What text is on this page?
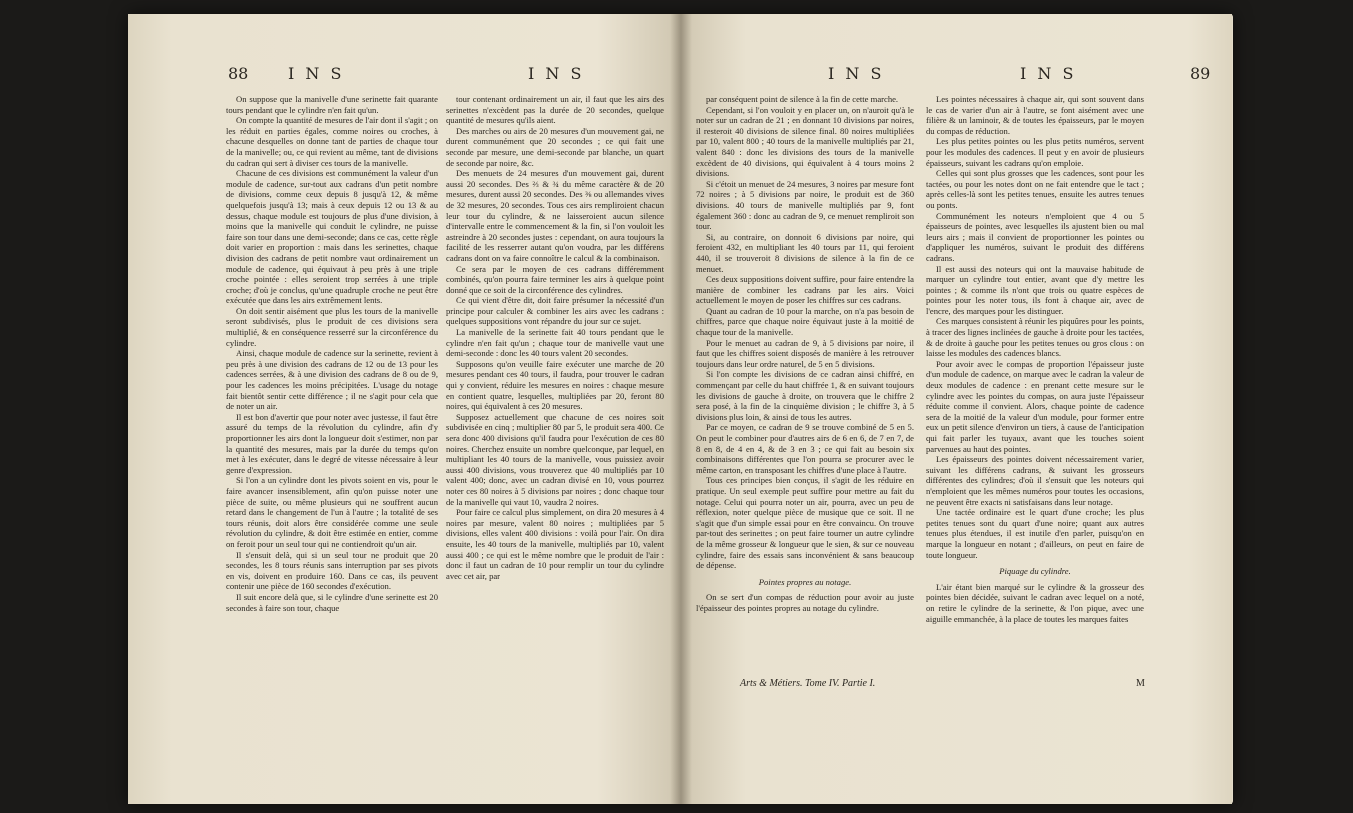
88 I N S	I N S

On suppose que la manivelle d'une serinette fait quarante tours pendant que le cylindre n'en fait qu'un.

On compte la quantité de mesures de l'air dont il s'agit ; on les réduit en parties égales, comme noires ou croches, à chacune desquelles on donne tant de parties de chaque tour de la manivelle; ou, ce qui revient au même, tant de divisions du cadran qui sert à diviser ces tours de la manivelle.

Chacune de ces divisions est communément la valeur d'un module de cadence, sur-tout aux cadrans d'un petit nombre de divisions, comme ceux depuis 8 jusqu'à 12, & même quelquefois jusqu'à 13; mais à ceux depuis 12 ou 13 & au dessus, chaque module est toujours de plus d'une division, à moins que la manivelle qui conduit le cylindre, ne puisse faire son tour dans une demi-seconde; dans ce cas, cette règle doit varier en proportion : mais dans les serinettes, chaque division des cadrans de petit nombre vaut ordinairement un module de cadence, qui équivaut à peu près à une triple croche pointée : elles seroient trop serrées à une triple croche; d'où je conclus, qu'une quadruple croche ne peut être exécutée que dans les airs extrêmement lents.

On doit sentir aisément que plus les tours de la manivelle seront subdivisés, plus le produit de ces divisions sera multiplié, & en conséquence resserré sur la circonférence du cylindre.

Ainsi, chaque module de cadence sur la serinette, revient à peu près à une division des cadrans de 12 ou de 13 pour les cadences serrées, & à une division des cadrans de 8 ou de 9, pour les cadences les moins précipitées. L'usage du notage fait bientôt sentir cette différence ; il ne s'agit pour cela que de noter un air.

Il est bon d'avertir que pour noter avec justesse, il faut être assuré du temps de la révolution du cylindre, afin d'y proportionner les airs dont la longueur doit s'estimer, non par la quantité des mesures, mais par la durée du temps qu'on met à les exécuter, dans le degré de vitesse nécessaire à leur genre d'expression.

Si l'on a un cylindre dont les pivots soient en vis, pour le faire avancer insensiblement, afin qu'on puisse noter une pièce de suite, ou même plusieurs qui ne souffrent aucun retard dans le changement de l'un à l'autre ; la totalité de ses tours réunis, doit alors être considérée comme une seule révolution du cylindre, & doit être estimée en entier, comme on feroit pour un seul tour qui ne contiendroit qu'un air.

Il s'ensuit delà, qui si un seul tour ne produit que 20 secondes, les 8 tours réunis sans interruption par ses pivots en vis, doivent en produire 160. Dans ce cas, ils peuvent contenir une pièce de 160 secondes d'exécution.

Il suit encore delà que, si le cylindre d'une serinette est 20 secondes à faire son tour, chaque

tour contenant ordinairement un air, il faut que les airs des serinettes n'excèdent pas la durée de 20 secondes, quelque quantité de mesures qu'ils aient.

Des marches ou airs de 20 mesures d'un mouvement gai, ne durent communément que 20 secondes ; ce qui fait une seconde par mesure, une demi-seconde par blanche, un quart de seconde par noire, &c.

Des menuets de 24 mesures d'un mouvement gai, durent aussi 20 secondes. Des ⅔ & ¾ du même caractère & de 20 mesures, durent aussi 20 secondes. Des ⅜ ou allemandes vives de 32 mesures, 20 secondes. Tous ces airs rempliroient chacun leur tour du cylindre, & ne laisseroient aucun silence d'intervalle entre le commencement & la fin, si l'on vouloit les astreindre à 20 secondes justes : cependant, on aura toujours la facilité de les resserrer autant qu'on voudra, par les différens cadrans dont on va faire connoître le calcul & la combinaison.

Ce sera par le moyen de ces cadrans différemment combinés, qu'on pourra faire terminer les airs à quelque point donné que ce soit de la circonférence des cylindres.

Ce qui vient d'être dit, doit faire présumer la nécessité d'un principe pour calculer & combiner les airs avec les cadrans : quelques suppositions vont répandre du jour sur ce sujet.

La manivelle de la serinette fait 40 tours pendant que le cylindre n'en fait qu'un ; chaque tour de manivelle vaut une demi-seconde : donc les 40 tours valent 20 secondes.

Supposons qu'on veuille faire exécuter une marche de 20 mesures pendant ces 40 tours, il faudra, pour trouver le cadran qui y convient, réduire les mesures en noires : chaque mesure en contient quatre, lesquelles, multipliées par 20, feront 80 noires, qui équivalent à ces 20 mesures.

Supposez actuellement que chacune de ces noires soit subdivisée en cinq ; multiplier 80 par 5, le produit sera 400. Ce sera donc 400 divisions qu'il faudra pour l'exécution de ces 80 noires. Cherchez ensuite un nombre quelconque, par lequel, en multipliant les 40 tours de la manivelle, vous puissiez avoir aussi 400 divisions, vous trouverez que 40 multipliés par 10 valent 400; donc, avec un cadran divisé en 10, vous pourrez noter ces 80 noires à 5 divisions par noires ; donc chaque tour de la manivelle qui vaut 10, vaudra 2 noires.

Pour faire ce calcul plus simplement, on dira 20 mesures à 4 noires par mesure, valent 80 noires ; multipliées par 5 divisions, elles valent 400 divisions : voilà pour l'air. On dira ensuite, les 40 tours de la manivelle, multipliés par 10, valent aussi 400 ; ce qui est le même nombre que le produit de l'air : donc il faut un cadran de 10 pour remplir un tour du cylindre avec cet air, par

I N S	I N S	89

par conséquent point de silence à la fin de cette marche.

Cependant, si l'on vouloit y en placer un, on n'auroit qu'à le noter sur un cadran de 21 ; en donnant 10 divisions par noires, il resteroit 40 divisions de silence final. 80 noires multipliées par 10, valent 800 ; 40 tours de la manivelle multipliés par 21, valent 840 : donc les divisions des tours de la manivelle excèdent de 40 divisions, qui équivalent à 4 tours moins 2 divisions.

Si c'étoit un menuet de 24 mesures, 3 noires par mesure font 72 noires ; à 5 divisions par noire, le produit est de 360 divisions. 40 tours de manivelle multipliés par 9, font également 360 : donc au cadran de 9, ce menuet rempliroit son tour.

Si, au contraire, on donnoit 6 divisions par noire, qui feroient 432, en multipliant les 40 tours par 11, qui feroient 440, il se trouveroit 8 divisions de silence à la fin de ce menuet.

Ces deux suppositions doivent suffire, pour faire entendre la manière de combiner les cadrans par les airs. Voici actuellement le moyen de poser les chiffres sur ces cadrans.

Quant au cadran de 10 pour la marche, on n'a pas besoin de chiffres, parce que chaque noire équivaut juste à la moitié de chaque tour de la manivelle.

Pour le menuet au cadran de 9, à 5 divisions par noire, il faut que les chiffres soient disposés de manière à les retrouver toujours dans leur ordre naturel, de 5 en 5 divisions.

Si l'on compte les divisions de ce cadran ainsi chiffré, en commençant par celle du haut chiffrée 1, & en suivant toujours les divisions de gauche à droite, on trouvera que le chiffre 2 sera posé, à la fin de la cinquième division ; le chiffre 3, à 5 divisions plus loin, & ainsi de tous les autres.

Par ce moyen, ce cadran de 9 se trouve combiné de 5 en 5. On peut le combiner pour d'autres airs de 6 en 6, de 7 en 7, de 8 en 8, de 4 en 4, & de 3 en 3 ; ce qui fait au besoin six combinaisons différentes que l'on pourra se procurer avec le même carton, en transposant les chiffres d'une place à l'autre.

Tous ces principes bien conçus, il s'agit de les réduire en pratique. Un seul exemple peut suffire pour mettre au fait du notage. Celui qui pourra noter un air, pourra, avec un peu de réflexion, noter quelque pièce de musique que ce soit. Il ne s'agit que d'un simple essai pour en être convaincu. On trouve par-tout des serinettes ; on peut faire tourner un autre cylindre de la même grosseur & longueur que le sien, & sur ce nouveau cylindre, faire des essais sans inconvénient & sans beaucoup de dépense.

Pointes propres au notage.

On se sert d'un compas de réduction pour avoir au juste l'épaisseur des pointes propres au notage du cylindre.

Les pointes nécessaires à chaque air, qui sont souvent dans le cas de varier d'un air à l'autre, se font aisément avec une filière & un laminoir, & de toutes les épaisseurs, par le moyen du compas de réduction.

Les plus petites pointes ou les plus petits numéros, servent pour les modules des cadences. Il peut y en avoir de plusieurs épaisseurs, suivant les cadrans qu'on emploie.

Celles qui sont plus grosses que les cadences, sont pour les tactées, ou pour les notes dont on ne fait entendre que le tact ; après celles-là sont les petites tenues, ensuite les autres tenues ou ponts.

Communément les noteurs n'emploient que 4 ou 5 épaisseurs de pointes, avec lesquelles ils ajustent bien ou mal leurs airs ; mais il convient de proportionner les pointes ou d'appliquer les numéros, suivant le produit des différens cadrans.

Il est aussi des noteurs qui ont la mauvaise habitude de marquer un cylindre tout entier, avant que d'y mettre les pointes ; & comme ils n'ont que trois ou quatre espèces de pointes pour les noter tous, ils font à chaque air, avec de l'encre, des marques pour les distinguer.

Ces marques consistent à réunir les piquûres pour les points, à tracer des lignes inclinées de gauche à droite pour les tactées, & de droite à gauche pour les petites tenues ou gros clous : on laisse les modules des cadences blancs.

Pour avoir avec le compas de proportion l'épaisseur juste d'un module de cadence, on marque avec le cadran la valeur de deux modules de cadence : en prenant cette mesure sur le cylindre avec les pointes du compas, on aura juste l'épaisseur réduite comme il convient. Alors, chaque pointe de cadence sera de la moitié de la valeur d'un module, pour former entre eux un petit silence d'environ un tiers, à cause de l'anticipation qui fait parler les tuyaux, avant que les touches soient parvenues au haut des pointes.

Les épaisseurs des pointes doivent nécessairement varier, suivant les différens cadrans, & suivant les grosseurs différentes des cylindres; d'où il s'ensuit que les noteurs qui n'emploient que les mêmes numéros pour toutes les occasions, ne peuvent être exacts ni satisfaisans dans leur notage.

Une tactée ordinaire est le quart d'une croche; les plus petites tenues sont du quart d'une noire; quant aux autres tenues plus étendues, il est inutile d'en parler, puisqu'on en marque la longueur en notant ; d'ailleurs, on peut en faire de toute longueur.

Piquage du cylindre.

L'air étant bien marqué sur le cylindre & la grosseur des pointes bien décidée, suivant le cadran avec lequel on a noté, on retire le cylindre de la serinette, & l'on pique, avec une aiguille emmanchée, à la place de toutes les marques faites

Arts & Métiers. Tome IV. Partie I.	M
